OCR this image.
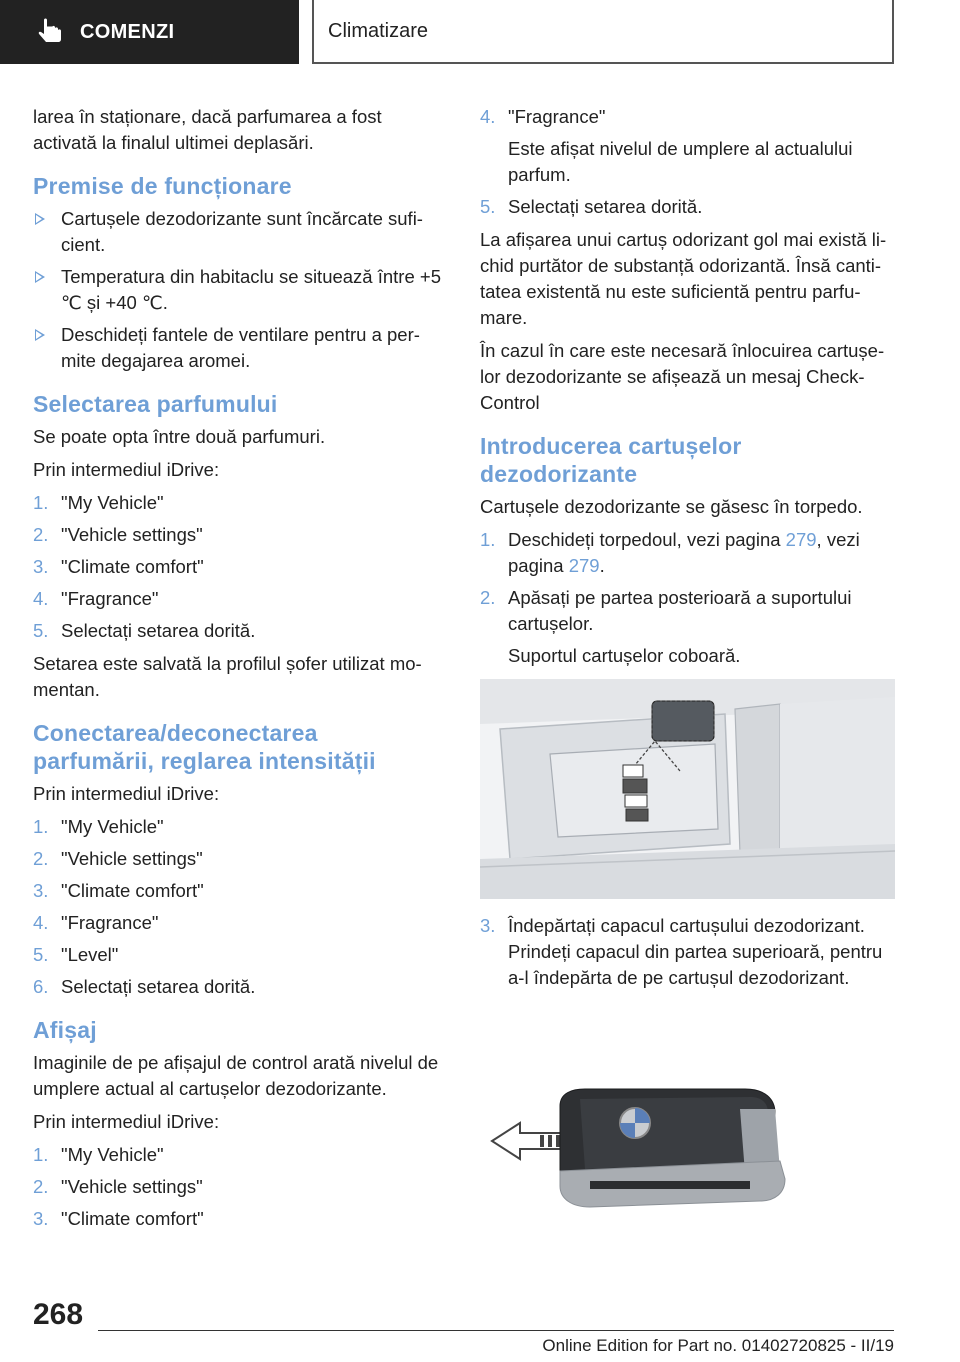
COMENZI	Climatizare

larea în staționare, dacă parfumarea a fost activată la finalul ultimei deplasări.

Premise de funcționare
Cartușele dezodorizante sunt încărcate sufi-cient.
Temperatura din habitaclu se situează între +5 ℃ și +40 ℃.
Deschideți fantele de ventilare pentru a per-mite degajarea aromei.
Selectarea parfumului

Se poate opta între două parfumuri.

Prin intermediul iDrive:

1. "My Vehicle"
2. "Vehicle settings"
3. "Climate comfort"
4. "Fragrance"
5. Selectați setarea dorită.

Setarea este salvată la profilul șofer utilizat mo-mentan.

Conectarea/deconectarea parfumării, reglarea intensității

Prin intermediul iDrive:

1. "My Vehicle"
2. "Vehicle settings"
3. "Climate comfort"
4. "Fragrance"
5. "Level"
6. Selectați setarea dorită.
Afișaj

Imaginile de pe afișajul de control arată nivelul de umplere actual al cartușelor dezodorizante.

Prin intermediul iDrive:

1. "My Vehicle"
2. "Vehicle settings"
3. "Climate comfort"
4. "Fragrance"
Este afișat nivelul de umplere al actualului parfum.
5. Selectați setarea dorită.

La afișarea unui cartuș odorizant gol mai există li-chid purtător de substanță odorizantă. Însă canti-tatea existentă nu este suficientă pentru parfu-mare.

În cazul în care este necesară înlocuirea cartușe-lor dezodorizante se afișează un mesaj Check-Control

Introducerea cartușelor dezodorizante

Cartușele dezodorizante se găsesc în torpedo.

1. Deschideți torpedoul, vezi pagina 279, vezi pagina 279.
2. Apăsați pe partea posterioară a suportului cartușelor.
Suportul cartușelor coboară.
3. Îndepărtați capacul cartușului dezodorizant. Prindeți capacul din partea superioară, pentru a-l îndepărta de pe cartușul dezodorizant.
268
Online Edition for Part no. 01402720825 - II/19
